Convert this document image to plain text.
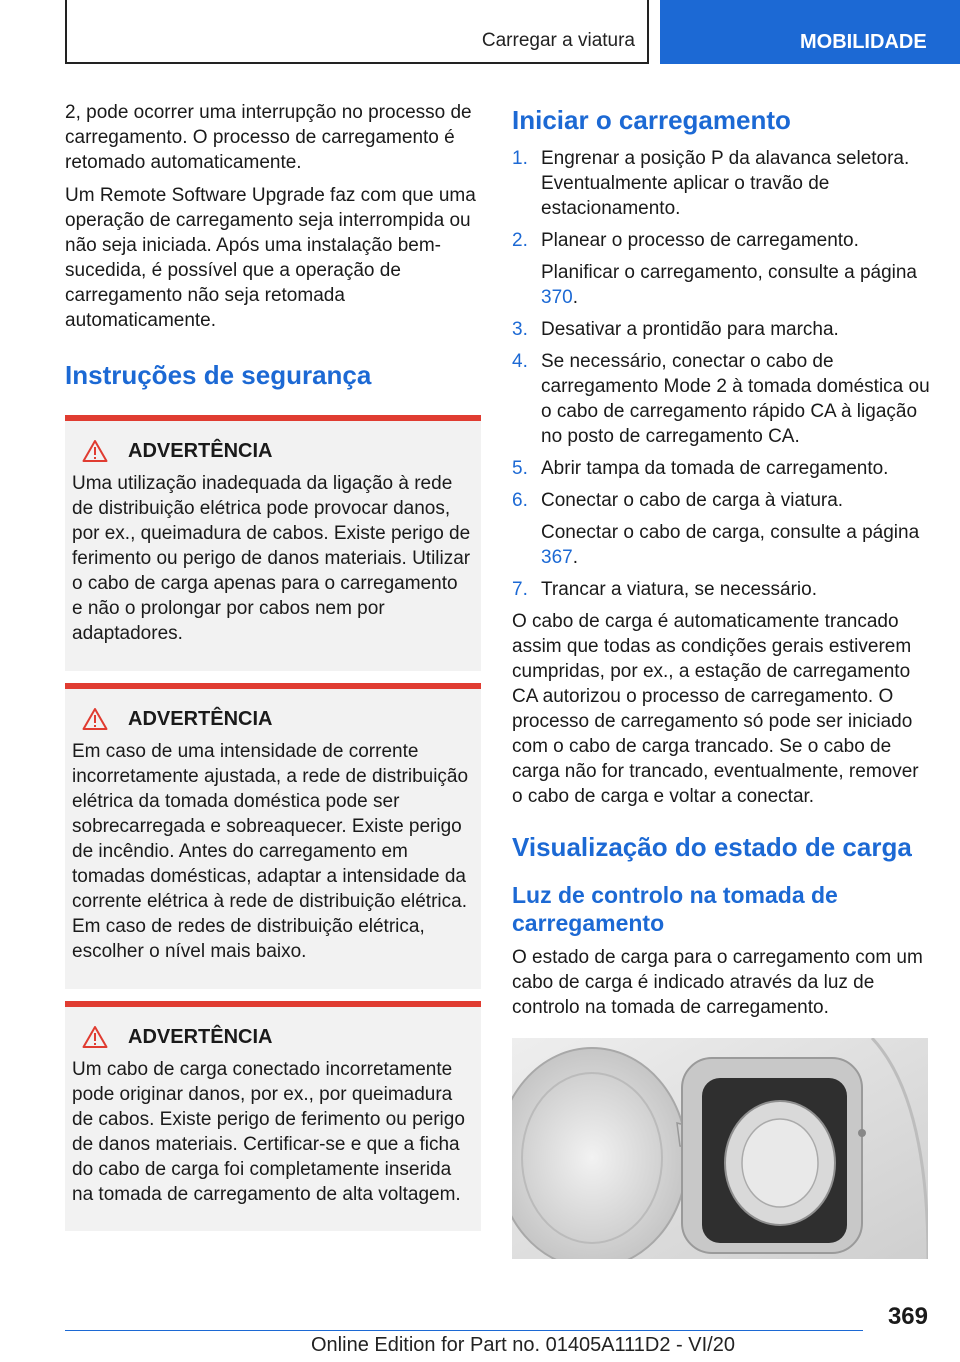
Carregar a viatura	MOBILIDADE

2, pode ocorrer uma interrupção no processo de carregamento. O processo de carregamento é retomado automaticamente.

Um Remote Software Upgrade faz com que uma operação de carregamento seja interrompida ou não seja iniciada. Após uma instalação bem-sucedida, é possível que a operação de carregamento não seja retomada automaticamente.

Instruções de segurança
ADVERTÊNCIA

Uma utilização inadequada da ligação à rede de distribuição elétrica pode provocar danos, por ex., queimadura de cabos. Existe perigo de ferimento ou perigo de danos materiais. Utilizar o cabo de carga apenas para o carregamento e não o prolongar por cabos nem por adaptadores.

ADVERTÊNCIA

Em caso de uma intensidade de corrente incorretamente ajustada, a rede de distribuição elétrica da tomada doméstica pode ser sobrecarregada e sobreaquecer. Existe perigo de incêndio. Antes do carregamento em tomadas domésticas, adaptar a intensidade da corrente elétrica à rede de distribuição elétrica. Em caso de redes de distribuição elétrica, escolher o nível mais baixo.

ADVERTÊNCIA

Um cabo de carga conectado incorretamente pode originar danos, por ex., por queimadura de cabos. Existe perigo de ferimento ou perigo de danos materiais. Certificar-se e que a ficha do cabo de carga foi completamente inserida na tomada de carregamento de alta voltagem.

Iniciar o carregamento
1. Engrenar a posição P da alavanca seletora. Eventualmente aplicar o travão de estacionamento.
2. Planear o processo de carregamento.
Planificar o carregamento, consulte a página 370.
3. Desativar a prontidão para marcha.
4. Se necessário, conectar o cabo de carregamento Mode 2 à tomada doméstica ou o cabo de carregamento rápido CA à ligação no posto de carregamento CA.
5. Abrir tampa da tomada de carregamento.
6. Conectar o cabo de carga à viatura.
Conectar o cabo de carga, consulte a página 367.
7. Trancar a viatura, se necessário.

O cabo de carga é automaticamente trancado assim que todas as condições gerais estiverem cumpridas, por ex., a estação de carregamento CA autorizou o processo de carregamento. O processo de carregamento só pode ser iniciado com o cabo de carga trancado. Se o cabo de carga não for trancado, eventualmente, remover o cabo de carga e voltar a conectar.

Visualização do estado de carga
Luz de controlo na tomada de carregamento

O estado de carga para o carregamento com um cabo de carga é indicado através da luz de controlo na tomada de carregamento.

369
Online Edition for Part no. 01405A111D2 - VI/20
